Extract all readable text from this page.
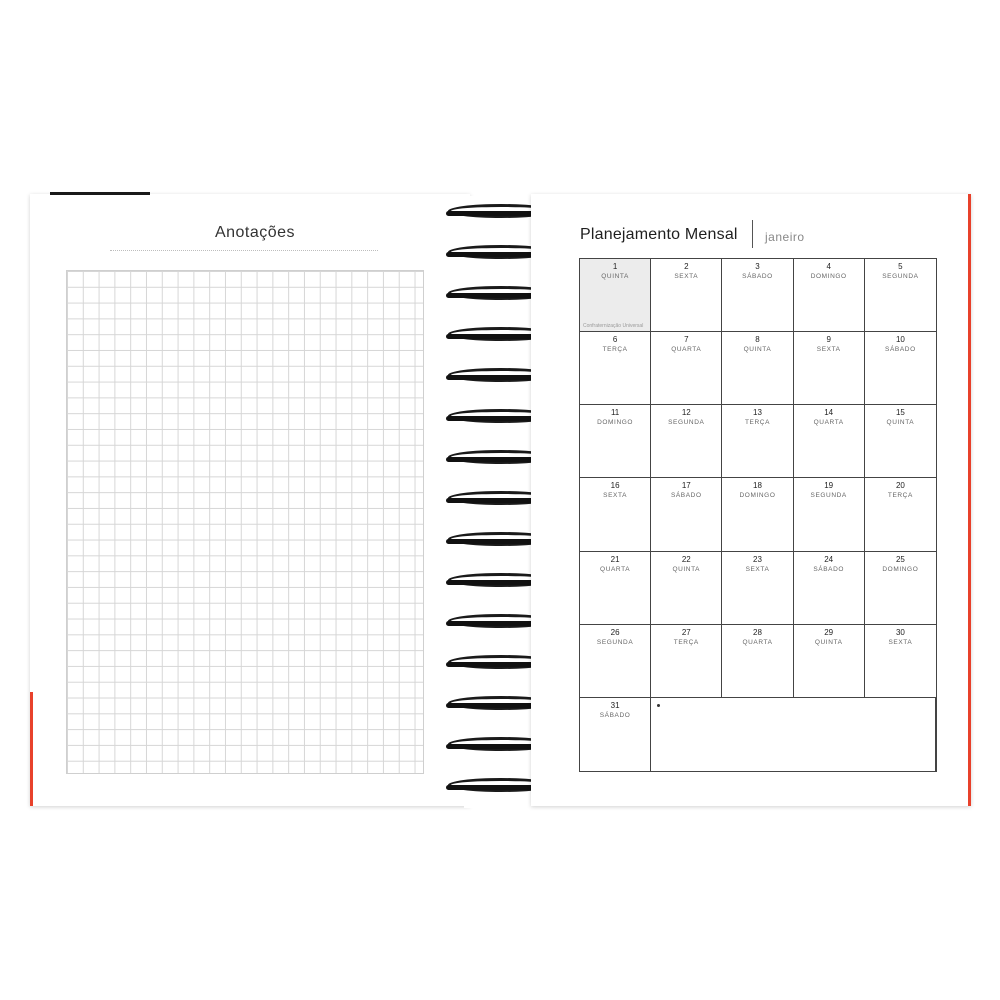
Anotações	Planejamento Mensal janeiro
1
QUINTA
Confraternização Universal
2
SEXTA
3
SÁBADO
4
DOMINGO
5
SEGUNDA
6
TERÇA
7
QUARTA
8
QUINTA
9
SEXTA
10
SÁBADO
11
DOMINGO
12
SEGUNDA
13
TERÇA
14
QUARTA
15
QUINTA
16
SEXTA
17
SÁBADO
18
DOMINGO
19
SEGUNDA
20
TERÇA
21
QUARTA
22
QUINTA
23
SEXTA
24
SÁBADO
25
DOMINGO
26
SEGUNDA
27
TERÇA
28
QUARTA
29
QUINTA
30
SEXTA
31
SÁBADO
